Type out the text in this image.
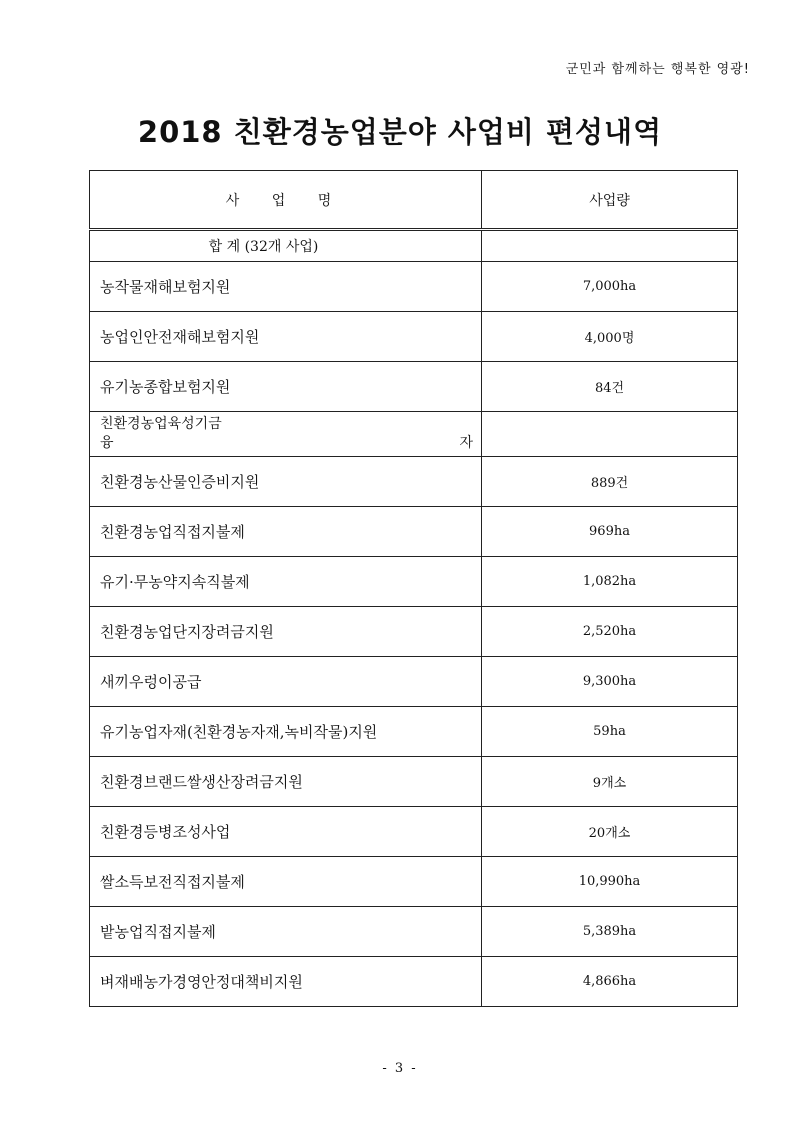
군민과 함께하는 행복한 영광!
2018 친환경농업분야 사업비 편성내역
사 업 명	사업량
합 계 (32개 사업)	

농작물재해보험지원	7,000ha

농업인안전재해보험지원	4,000명

유기농종합보험지원	84건

친환경농업육성기금
융 자	

친환경농산물인증비지원	889건

친환경농업직접지불제	969ha

유기·무농약지속직불제	1,082ha

친환경농업단지장려금지원	2,520ha

새끼우렁이공급	9,300ha

유기농업자재(친환경농자재,녹비작물)지원	59ha

친환경브랜드쌀생산장려금지원	9개소

친환경등병조성사업	20개소

쌀소득보전직접지불제	10,990ha

밭농업직접지불제	5,389ha

벼재배농가경영안정대책비지원	4,866ha
- 3 -
